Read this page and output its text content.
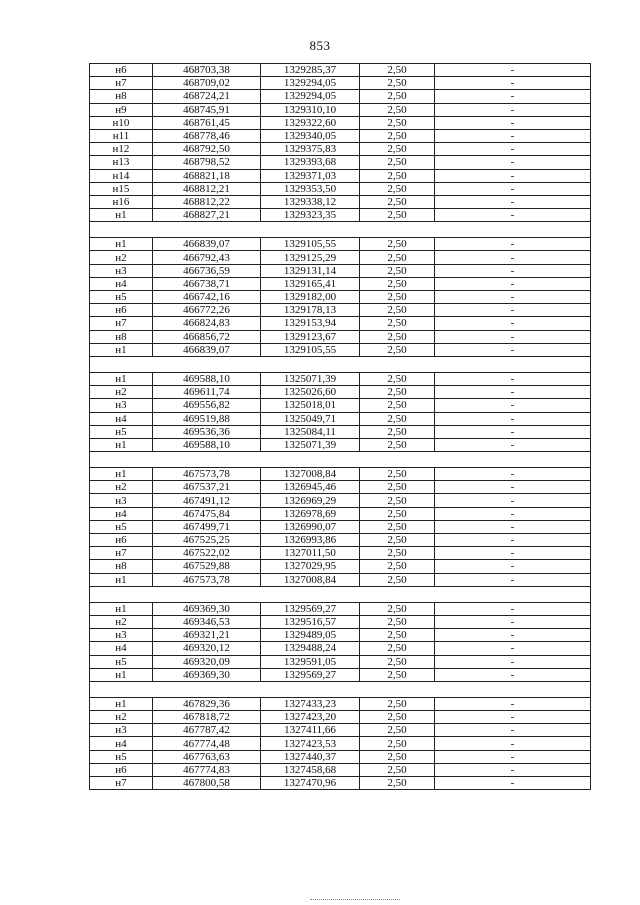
853
н6	468703,38	1329285,37	2,50	-
н7	468709,02	1329294,05	2,50	-
н8	468724,21	1329294,05	2,50	-
н9	468745,91	1329310,10	2,50	-
н10	468761,45	1329322,60	2,50	-
н11	468778,46	1329340,05	2,50	-
н12	468792,50	1329375,83	2,50	-
н13	468798,52	1329393,68	2,50	-
н14	468821,18	1329371,03	2,50	-
н15	468812,21	1329353,50	2,50	-
н16	468812,22	1329338,12	2,50	-
н1	468827,21	1329323,35	2,50	-

н1	466839,07	1329105,55	2,50	-
н2	466792,43	1329125,29	2,50	-
н3	466736,59	1329131,14	2,50	-
н4	466738,71	1329165,41	2,50	-
н5	466742,16	1329182,00	2,50	-
н6	466772,26	1329178,13	2,50	-
н7	466824,83	1329153,94	2,50	-
н8	466856,72	1329123,67	2,50	-
н1	466839,07	1329105,55	2,50	-

н1	469588,10	1325071,39	2,50	-
н2	469611,74	1325026,60	2,50	-
н3	469556,82	1325018,01	2,50	-
н4	469519,88	1325049,71	2,50	-
н5	469536,36	1325084,11	2,50	-
н1	469588,10	1325071,39	2,50	-

н1	467573,78	1327008,84	2,50	-
н2	467537,21	1326945,46	2,50	-
н3	467491,12	1326969,29	2,50	-
н4	467475,84	1326978,69	2,50	-
н5	467499,71	1326990,07	2,50	-
н6	467525,25	1326993,86	2,50	-
н7	467522,02	1327011,50	2,50	-
н8	467529,88	1327029,95	2,50	-
н1	467573,78	1327008,84	2,50	-

н1	469369,30	1329569,27	2,50	-
н2	469346,53	1329516,57	2,50	-
н3	469321,21	1329489,05	2,50	-
н4	469320,12	1329488,24	2,50	-
н5	469320,09	1329591,05	2,50	-
н1	469369,30	1329569,27	2,50	-

н1	467829,36	1327433,23	2,50	-
н2	467818,72	1327423,20	2,50	-
н3	467787,42	1327411,66	2,50	-
н4	467774,48	1327423,53	2,50	-
н5	467763,63	1327440,37	2,50	-
н6	467774,83	1327458,68	2,50	-
н7	467800,58	1327470,96	2,50	-
